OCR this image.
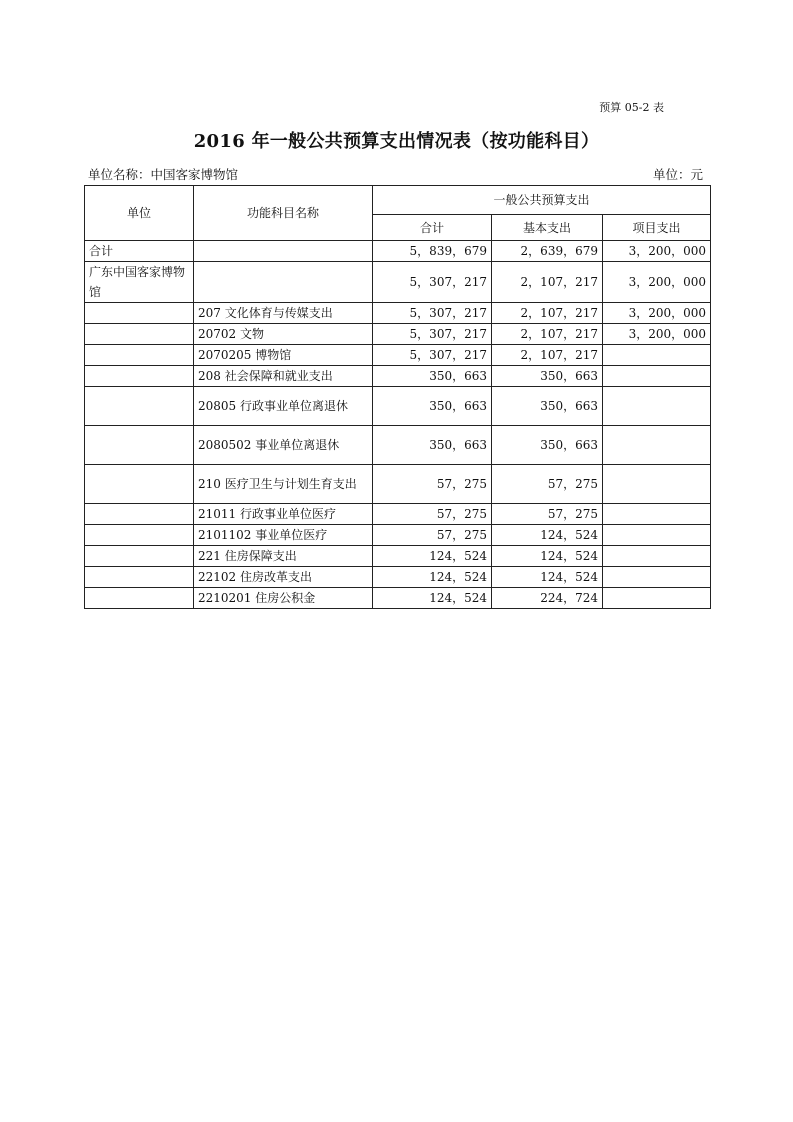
预算 05-2 表
2016 年一般公共预算支出情况表（按功能科目）
单位名称：中国客家博物馆	单位：元
单位	功能科目名称	一般公共预算支出		
		合计	基本支出	项目支出
合计		5，839，679	2，639，679	3，200，000
广东中国客家博物馆		5，307，217	2，107，217	3，200，000
	207 文化体育与传媒支出	5，307，217	2，107，217	3，200，000
	20702 文物	5，307，217	2，107，217	3，200，000
	2070205 博物馆	5，307，217	2，107，217	
	208 社会保障和就业支出	350，663	350，663	
	20805 行政事业单位离退休	350，663	350，663	
	2080502 事业单位离退休	350，663	350，663	
	210 医疗卫生与计划生育支出	57，275	57，275	
	21011 行政事业单位医疗	57，275	57，275	
	2101102 事业单位医疗	57，275	124，524	
	221 住房保障支出	124，524	124，524	
	22102 住房改革支出	124，524	124，524	
	2210201 住房公积金	124，524	224，724	
